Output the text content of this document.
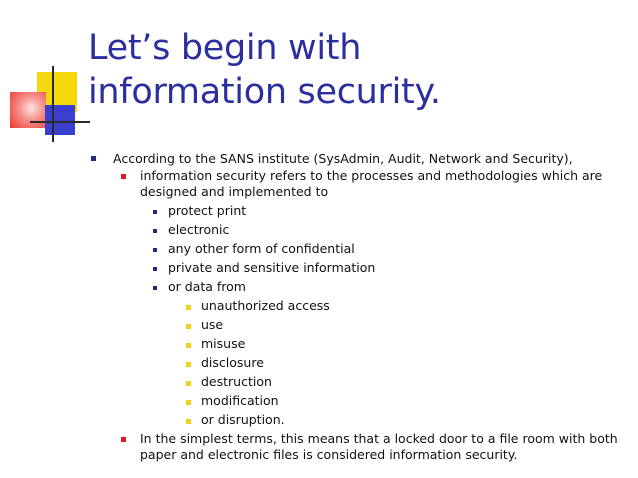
Let’s begin with
information security.
According to the SANS institute (SysAdmin, Audit, Network and Security),
information security refers to the processes and methodologies which are
designed and implemented to
protect print
electronic
any other form of confidential
private and sensitive information
or data from
unauthorized access
use
misuse
disclosure
destruction
modification
or disruption.
In the simplest terms, this means that a locked door to a file room with both
paper and electronic files is considered information security.
